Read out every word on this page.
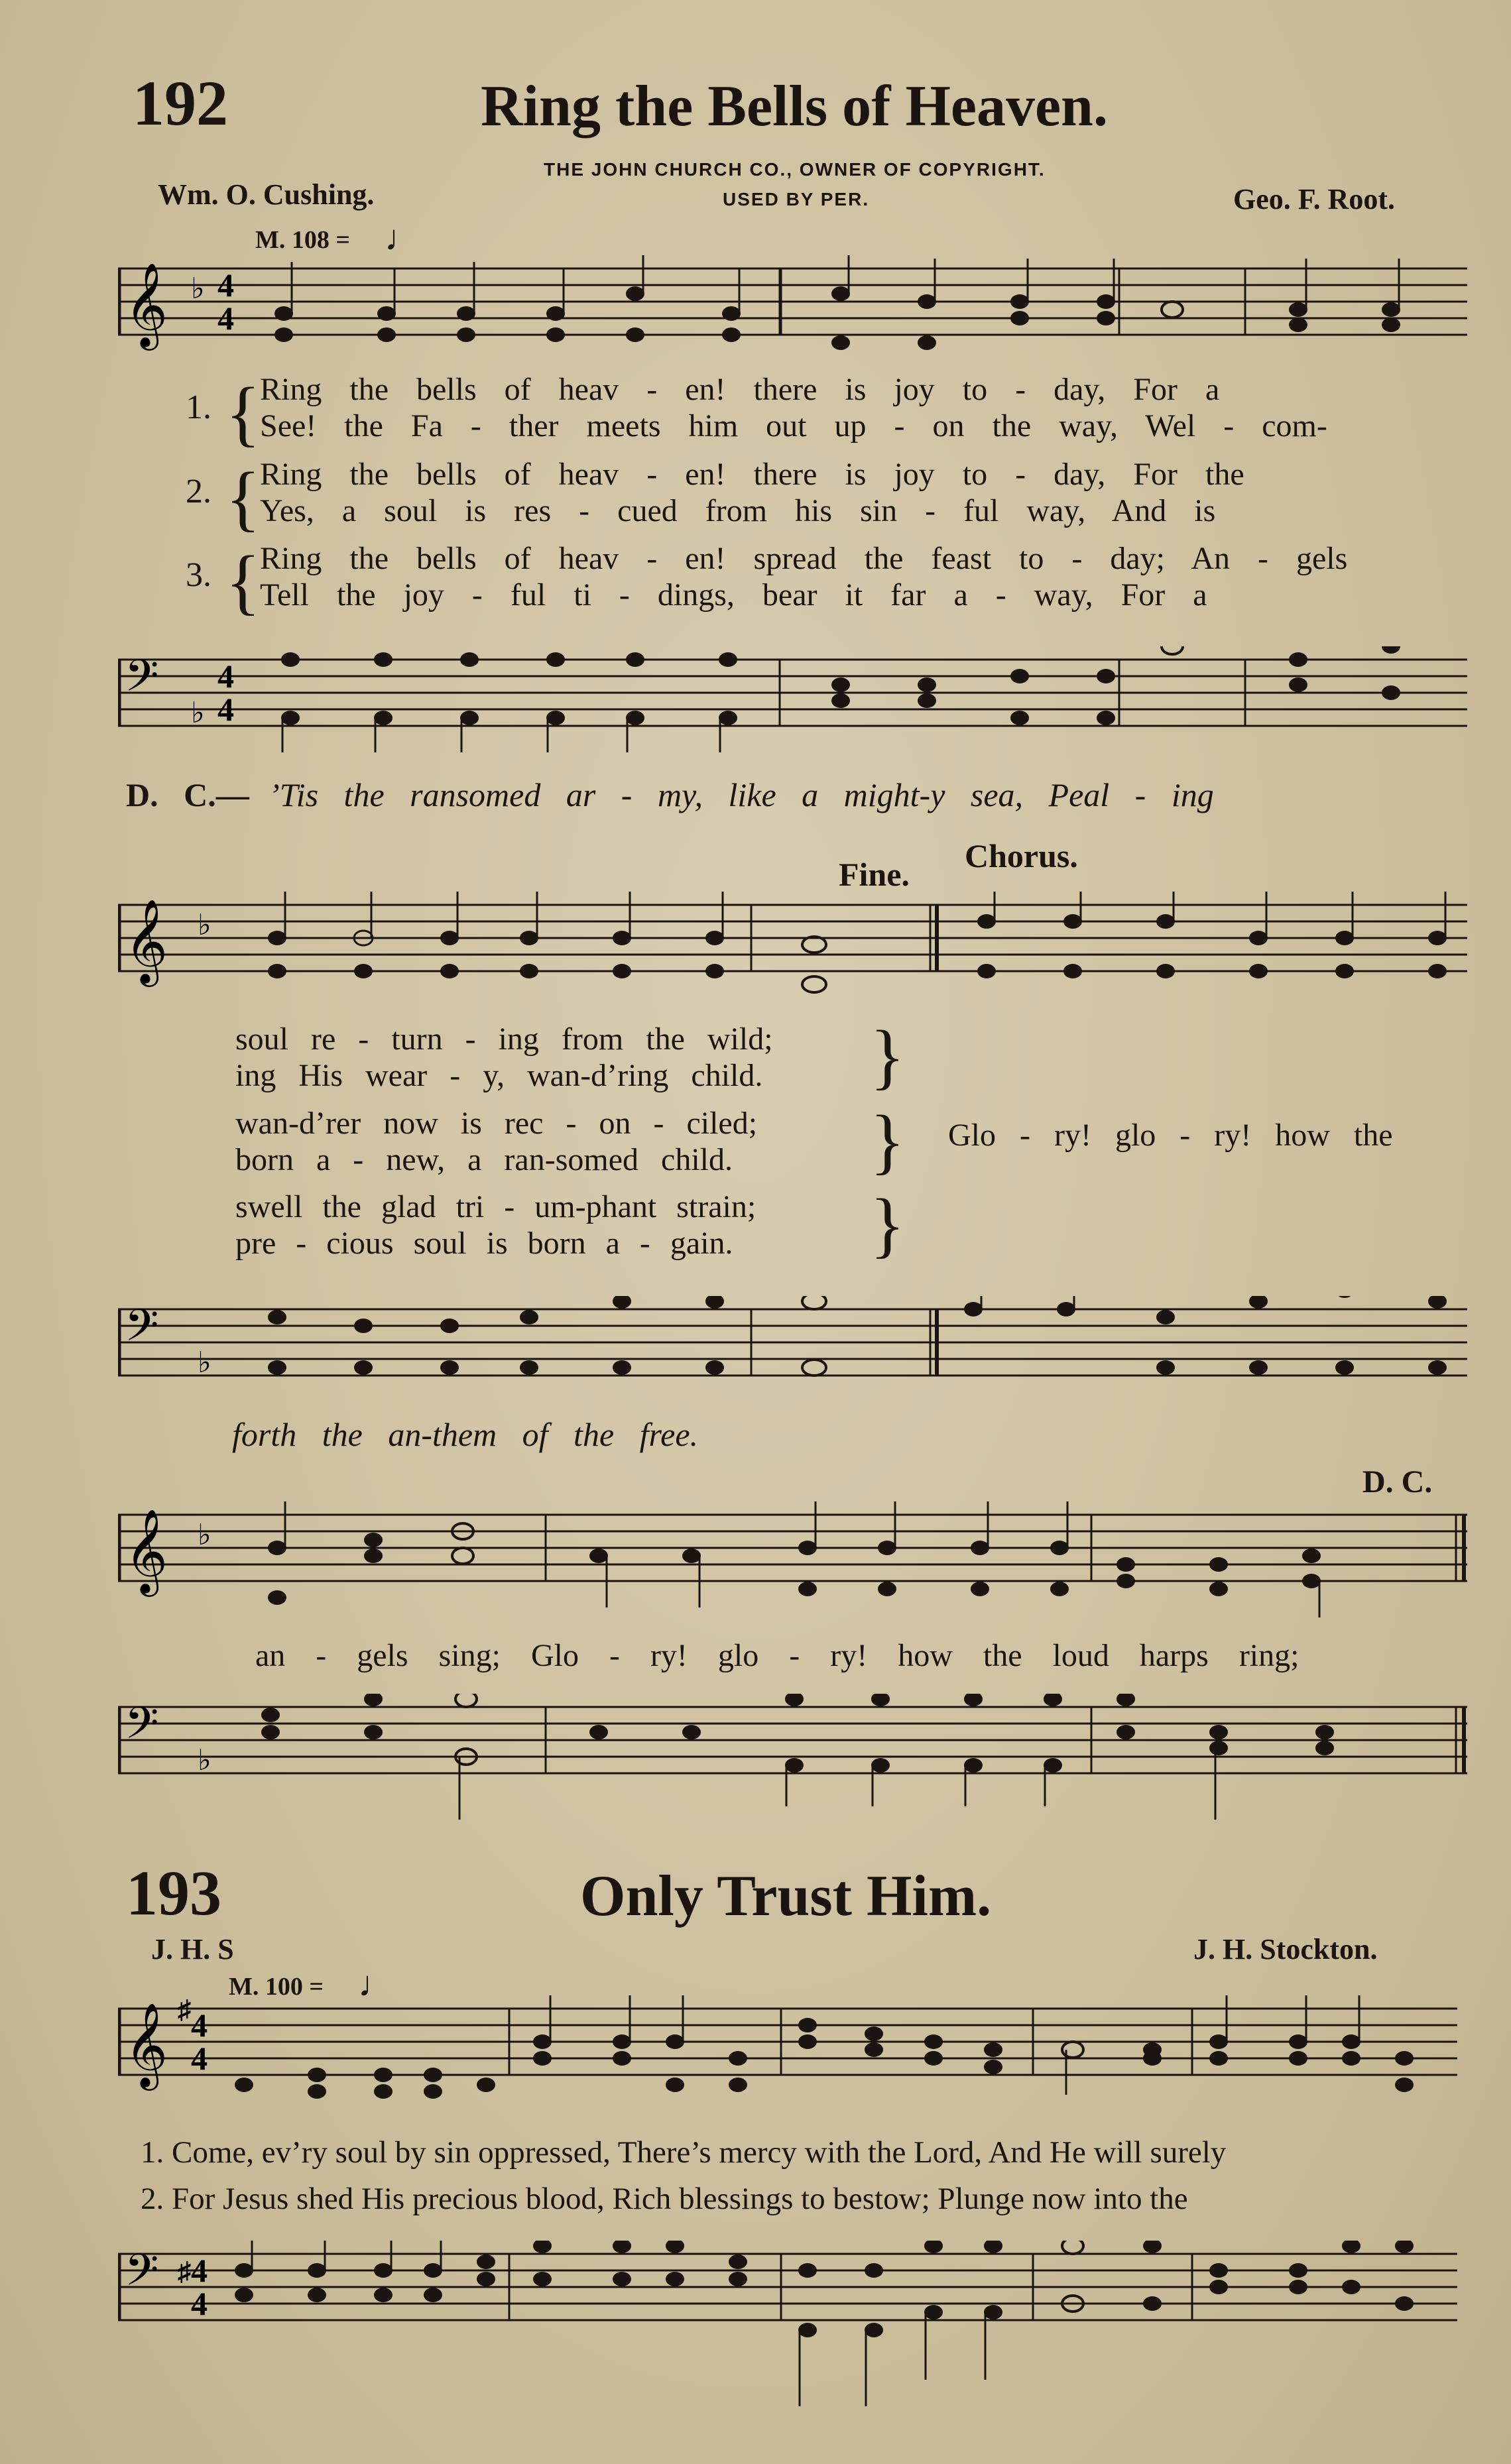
192	Ring the Bells of Heaven.
THE JOHN CHURCH CO., OWNER OF COPYRIGHT.
USED BY PER.
Wm. O. Cushing.	Geo. F. Root.
M. 108 = ♩
𝄞 ♭ 4
4
1.
2.
3.
{
{
{
Ring the bells of heav - en! there is joy to - day, For a
See! the Fa - ther meets him out up - on the way, Wel - com-
Ring the bells of heav - en! there is joy to - day, For the
Yes, a soul is res - cued from his sin - ful way, And is
Ring the bells of heav - en! spread the feast to - day; An - gels
Tell the joy - ful ti - dings, bear it far a - way, For a
𝄢
♭
4
4
D. C.— ’Tis the ransomed ar - my, like a might-y sea, Peal - ing
Fine. Chorus.
𝄞 ♭
soul re - turn - ing from the wild;
ing His wear - y, wan-d’ring child.
wan-d’rer now is rec - on - ciled;
born a - new, a ran-somed child.
swell the glad tri - um-phant strain;
pre - cious soul is born a - gain.
}
}
}
Glo - ry! glo - ry! how the
𝄢
♭
forth the an-them of the free.
D. C.
𝄞 ♭
an - gels sing; Glo - ry! glo - ry! how the loud harps ring;
𝄢
♭
193	Only Trust Him.
J. H. S	J. H. Stockton.
M. 100 = ♩
𝄞 ♯ 4
4
1. Come, ev’ry soul by sin oppressed, There’s mercy with the Lord, And He will surely
2. For Jesus shed His precious blood, Rich blessings to bestow; Plunge now into the
𝄢 ♯ 4
4
